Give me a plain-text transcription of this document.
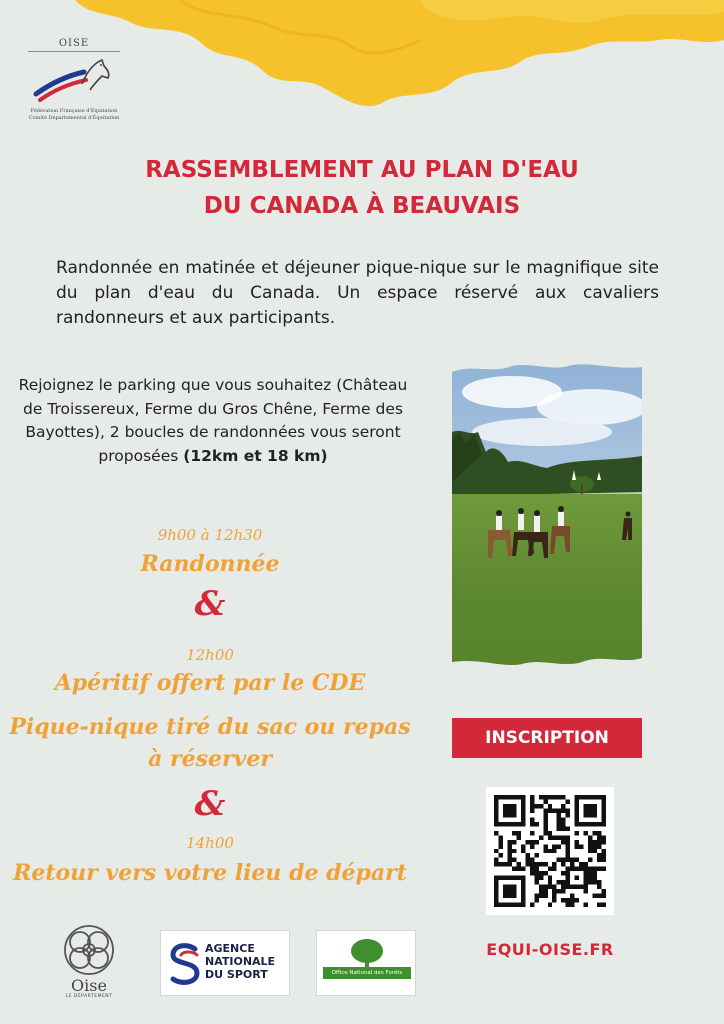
OISE
Fédération Française d'Équitation
Comité Départemental d'Équitation
RASSEMBLEMENT AU PLAN D'EAU
DU CANADA À BEAUVAIS

Randonnée en matinée et déjeuner pique-nique sur le magnifique site du plan d'eau du Canada. Un espace réservé aux cavaliers randonneurs et aux participants.

Rejoignez le parking que vous souhaitez (Château de Troissereux, Ferme du Gros Chêne, Ferme des Bayottes), 2 boucles de randonnées vous seront proposées (12km et 18 km)

9h00 à 12h30
Randonnée
&
12h00
Apéritif offert par le CDE
Pique-nique tiré du sac ou repas
à réserver
&
14h00
Retour vers votre lieu de départ
INSCRIPTION
Oise
LE DÉPARTEMENT
AGENCE
NATIONALE
DU SPORT	Office National des Forêts
EQUI-OISE.FR
